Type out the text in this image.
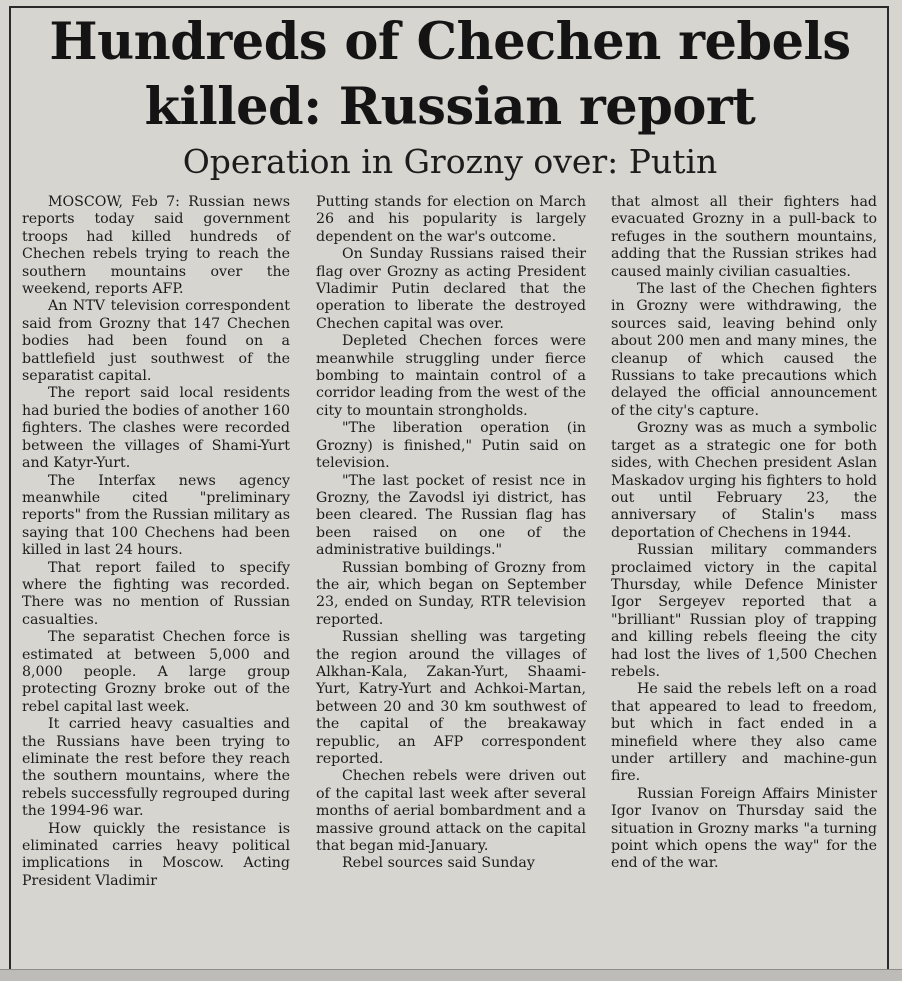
Hundreds of Chechen rebels
killed: Russian report
Operation in Grozny over: Putin

MOSCOW, Feb 7: Russian news reports today said government troops had killed hundreds of Chechen rebels trying to reach the southern mountains over the weekend, reports AFP.

An NTV television correspondent said from Grozny that 147 Chechen bodies had been found on a battlefield just southwest of the separatist capital.

The report said local residents had buried the bodies of another 160 fighters. The clashes were recorded between the villages of Shami-Yurt and Katyr-Yurt.

The Interfax news agency meanwhile cited "preliminary reports" from the Russian military as saying that 100 Chechens had been killed in last 24 hours.

That report failed to specify where the fighting was recorded. There was no mention of Russian casualties.

The separatist Chechen force is estimated at between 5,000 and 8,000 people. A large group protecting Grozny broke out of the rebel capital last week.

It carried heavy casualties and the Russians have been trying to eliminate the rest before they reach the southern mountains, where the rebels successfully regrouped during the 1994-96 war.

How quickly the resistance is eliminated carries heavy political implications in Moscow. Acting President Vladimir

Putting stands for election on March 26 and his popularity is largely dependent on the war's outcome.

On Sunday Russians raised their flag over Grozny as acting President Vladimir Putin declared that the operation to liberate the destroyed Chechen capital was over.

Depleted Chechen forces were meanwhile struggling under fierce bombing to maintain control of a corridor leading from the west of the city to mountain strongholds.

"The liberation operation (in Grozny) is finished," Putin said on television.

"The last pocket of resist nce in Grozny, the Zavodsl iyi district, has been cleared. The Russian flag has been raised on one of the administrative buildings."

Russian bombing of Grozny from the air, which began on September 23, ended on Sunday, RTR television reported.

Russian shelling was targeting the region around the villages of Alkhan-Kala, Zakan-Yurt, Shaami-Yurt, Katry-Yurt and Achkoi-Martan, between 20 and 30 km southwest of the capital of the breakaway republic, an AFP correspondent reported.

Chechen rebels were driven out of the capital last week after several months of aerial bombardment and a massive ground attack on the capital that began mid-January.

Rebel sources said Sunday

that almost all their fighters had evacuated Grozny in a pull-back to refuges in the southern mountains, adding that the Russian strikes had caused mainly civilian casualties.

The last of the Chechen fighters in Grozny were withdrawing, the sources said, leaving behind only about 200 men and many mines, the cleanup of which caused the Russians to take precautions which delayed the official announcement of the city's capture.

Grozny was as much a symbolic target as a strategic one for both sides, with Chechen president Aslan Maskadov urging his fighters to hold out until February 23, the anniversary of Stalin's mass deportation of Chechens in 1944.

Russian military commanders proclaimed victory in the capital Thursday, while Defence Minister Igor Sergeyev reported that a "brilliant" Russian ploy of trapping and killing rebels fleeing the city had lost the lives of 1,500 Chechen rebels.

He said the rebels left on a road that appeared to lead to freedom, but which in fact ended in a minefield where they also came under artillery and machine-gun fire.

Russian Foreign Affairs Minister Igor Ivanov on Thursday said the situation in Grozny marks "a turning point which opens the way" for the end of the war.
